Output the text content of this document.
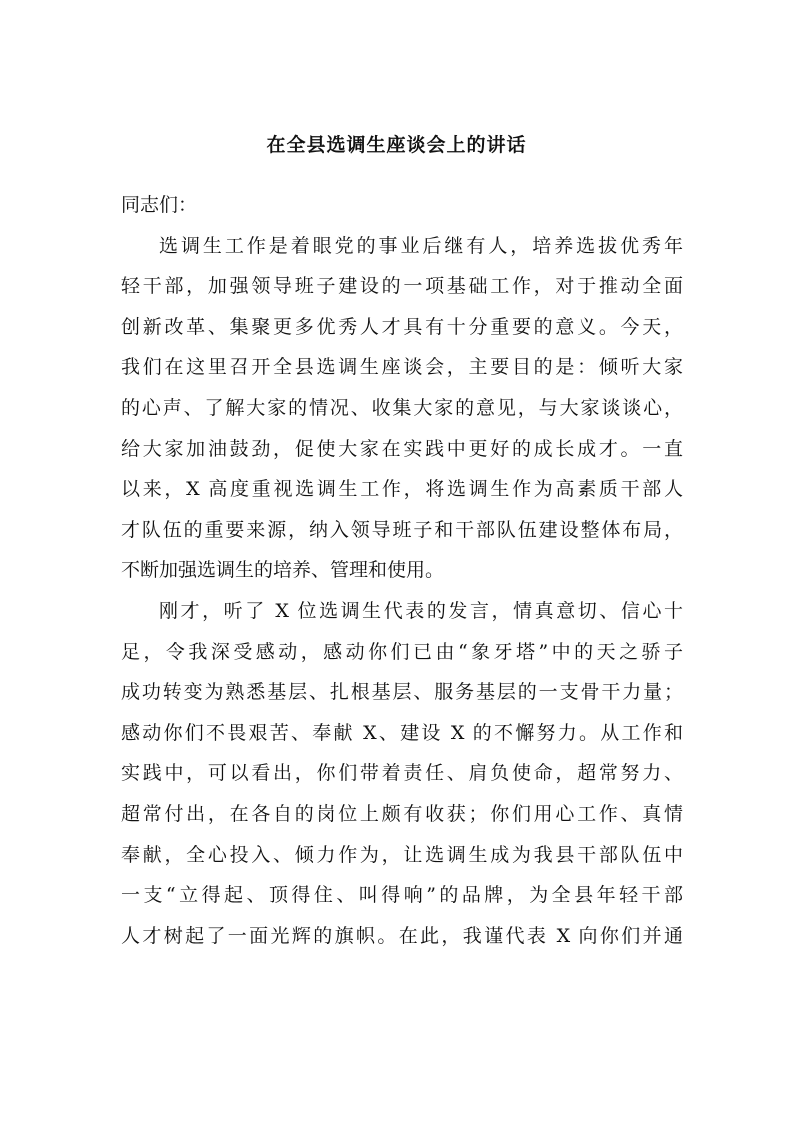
在全县选调生座谈会上的讲话

同志们：

选调生工作是着眼党的事业后继有人，培养选拔优秀年
轻干部，加强领导班子建设的一项基础工作，对于推动全面
创新改革、集聚更多优秀人才具有十分重要的意义。今天，
我们在这里召开全县选调生座谈会，主要目的是：倾听大家
的心声、了解大家的情况、收集大家的意见，与大家谈谈心，
给大家加油鼓劲，促使大家在实践中更好的成长成才。一直
以来，X 高度重视选调生工作，将选调生作为高素质干部人
才队伍的重要来源，纳入领导班子和干部队伍建设整体布局，
不断加强选调生的培养、管理和使用。

刚才，听了 X 位选调生代表的发言，情真意切、信心十
足，令我深受感动，感动你们已由“象牙塔”中的天之骄子
成功转变为熟悉基层、扎根基层、服务基层的一支骨干力量；
感动你们不畏艰苦、奉献 X、建设 X 的不懈努力。从工作和
实践中，可以看出，你们带着责任、肩负使命，超常努力、
超常付出，在各自的岗位上颇有收获；你们用心工作、真情
奉献，全心投入、倾力作为，让选调生成为我县干部队伍中
一支“立得起、顶得住、叫得响”的品牌，为全县年轻干部
人才树起了一面光辉的旗帜。在此，我谨代表 X 向你们并通
